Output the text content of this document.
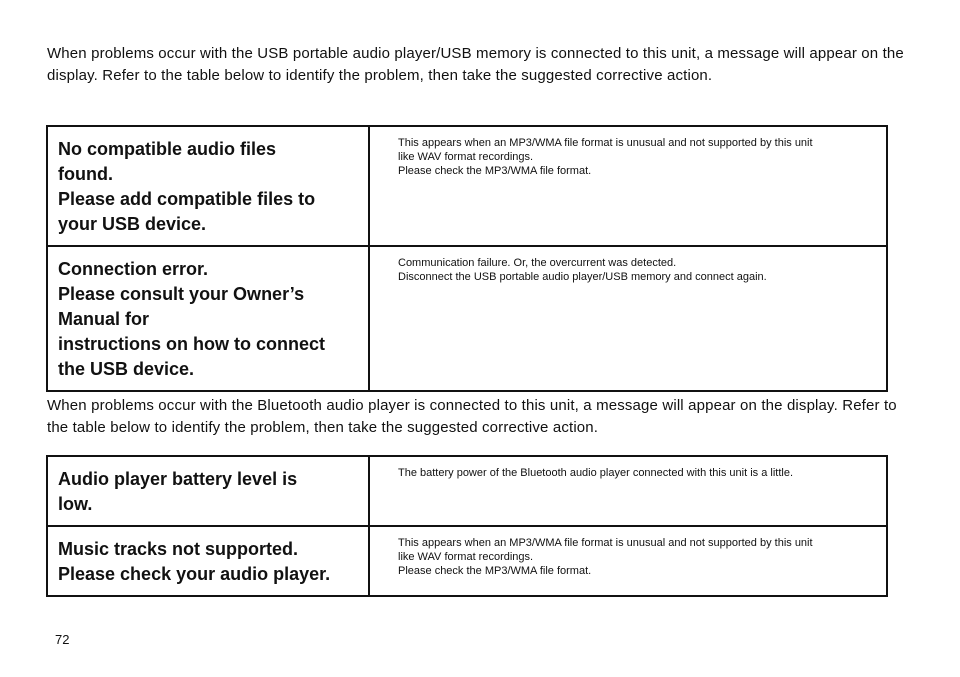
When problems occur with the USB portable audio player/USB memory is connected to this unit, a message will appear on the display. Refer to the table below to identify the problem, then take the suggested corrective action.

No compatible audio files
found.
Please add compatible files to
your USB device.	This appears when an MP3/WMA file format is unusual and not supported by this unit
like WAV format recordings.
Please check the MP3/WMA file format.

Connection error.
Please consult your Owner’s
Manual for
instructions on how to connect
the USB device.	Communication failure. Or, the overcurrent was detected.
Disconnect the USB portable audio player/USB memory and connect again.

When problems occur with the Bluetooth audio player is connected to this unit, a message will appear on the display. Refer to the table below to identify the problem, then take the suggested corrective action.

Audio player battery level is
low.	The battery power of the Bluetooth audio player connected with this unit is a little.

Music tracks not supported.
Please check your audio player.	This appears when an MP3/WMA file format is unusual and not supported by this unit
like WAV format recordings.
Please check the MP3/WMA file format.

72
